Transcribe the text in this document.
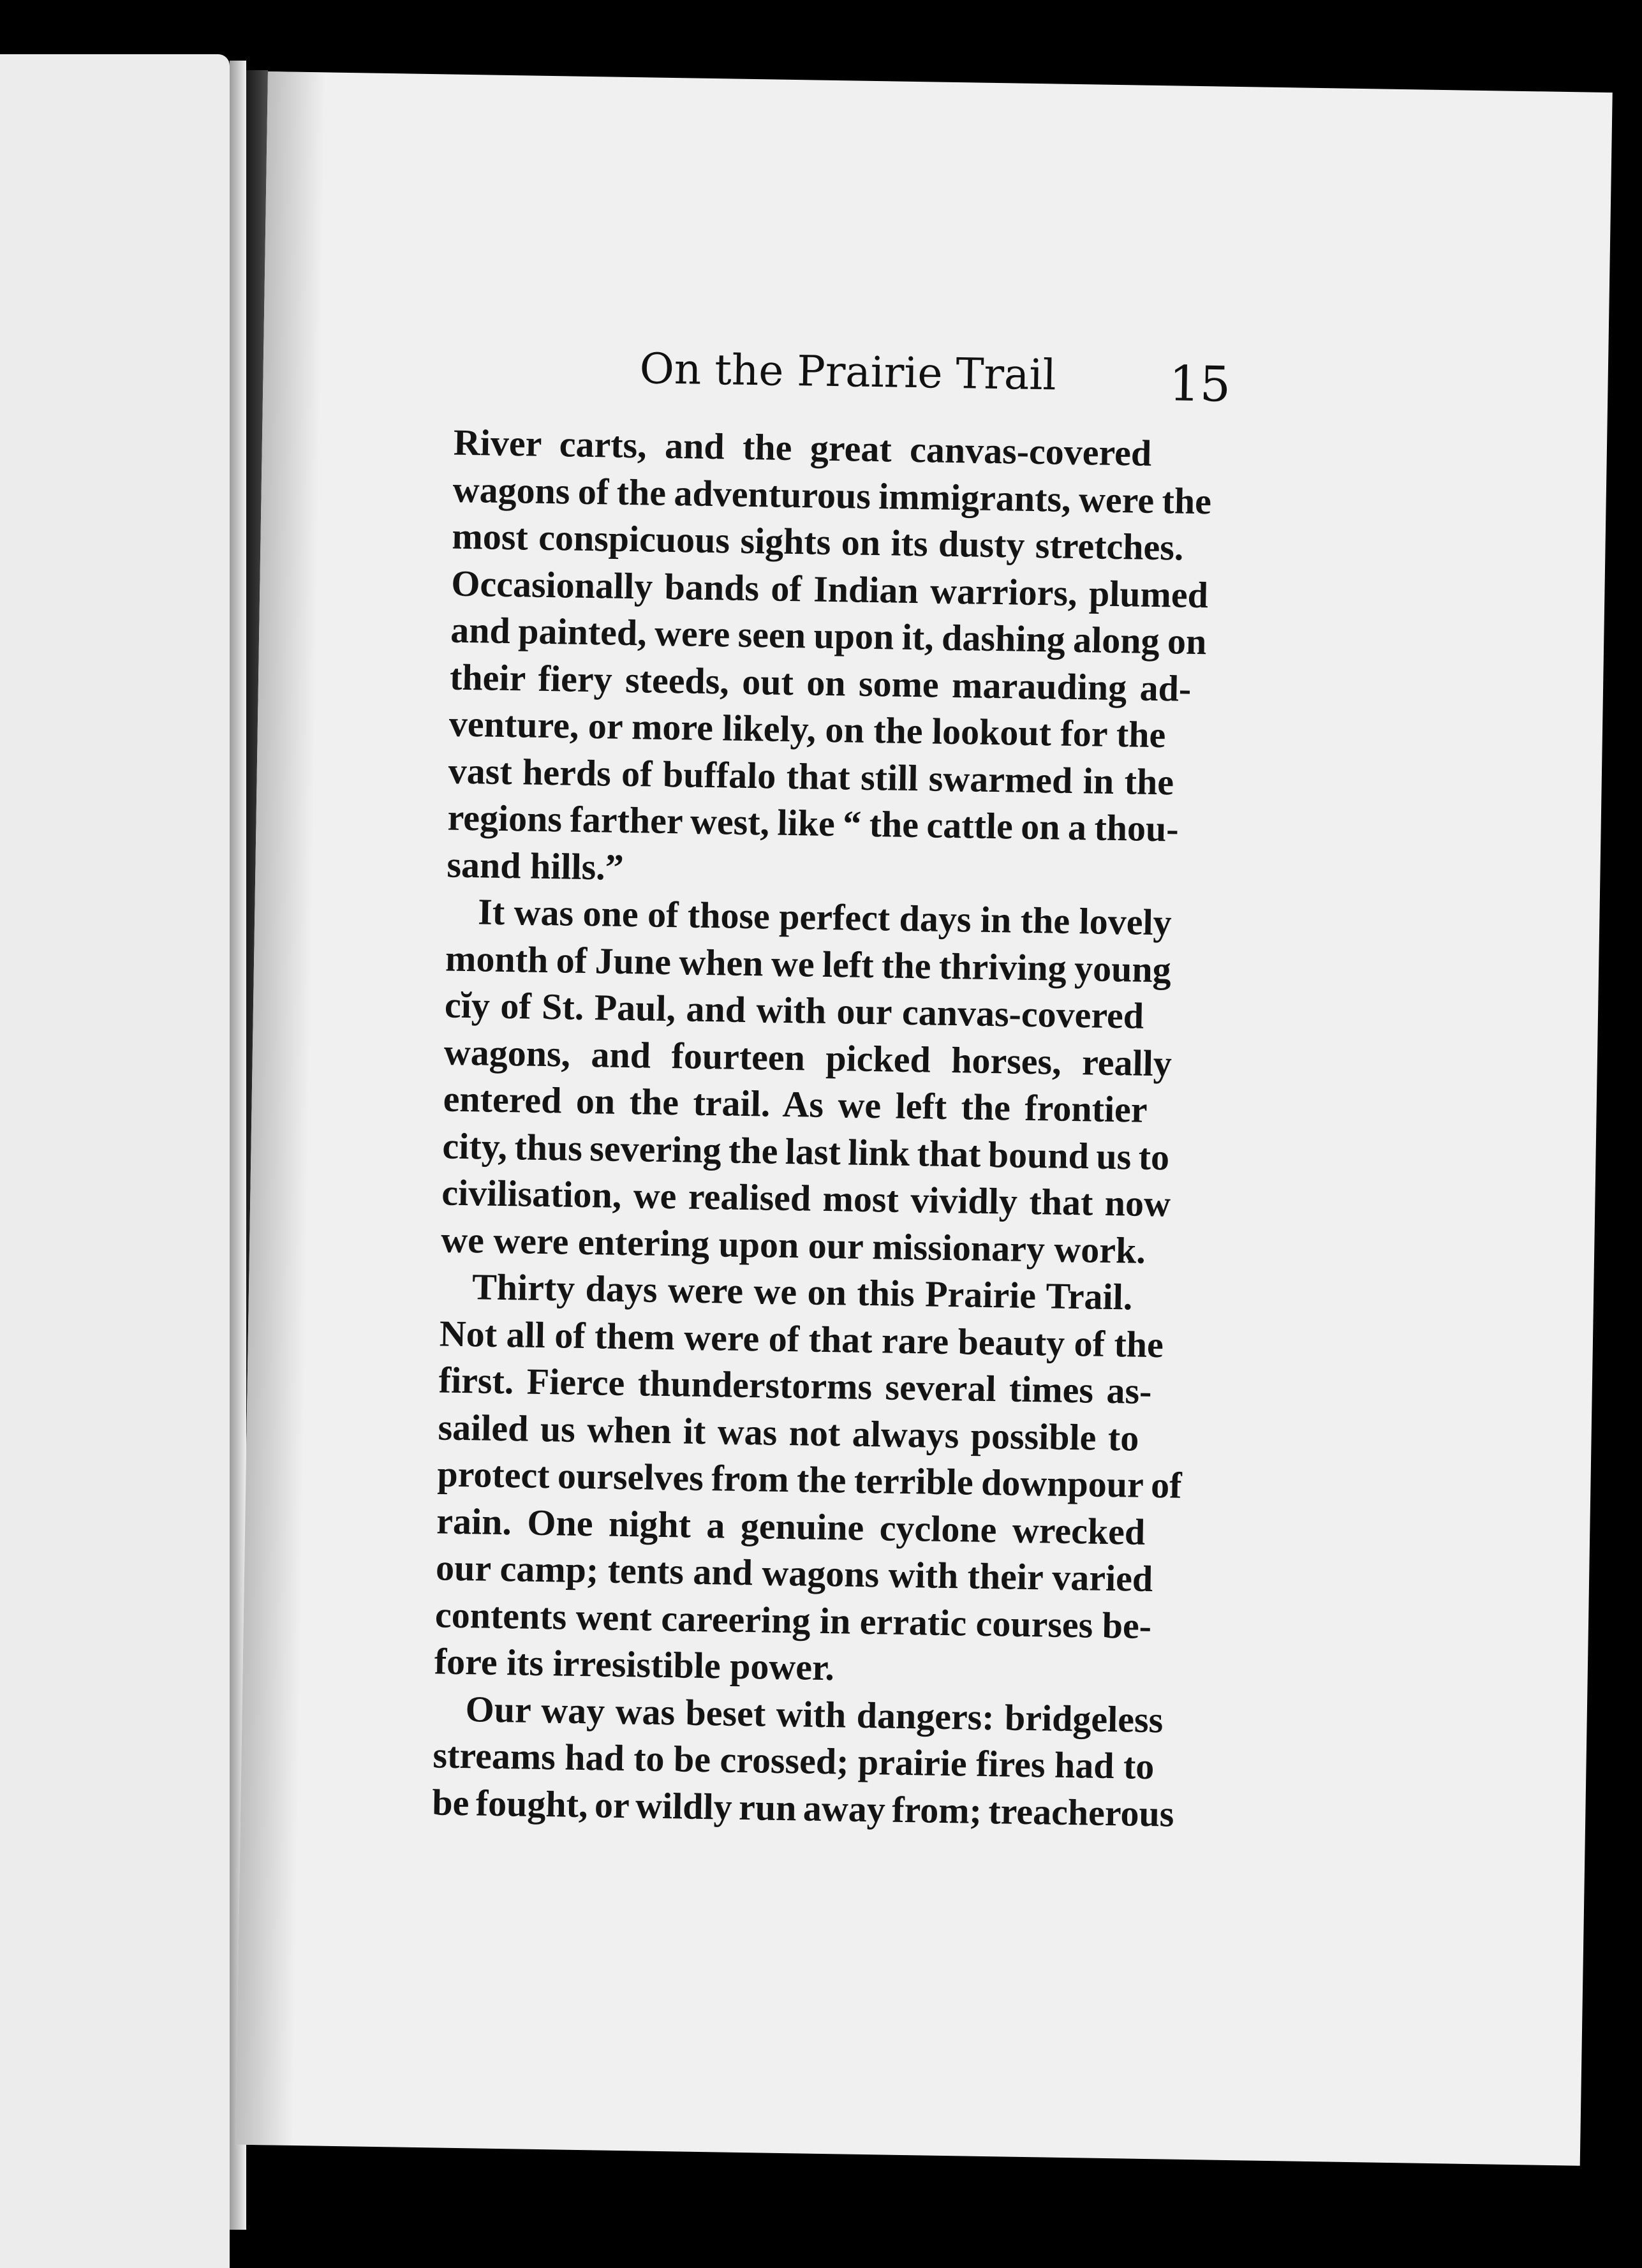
On the Prairie Trail 15
River carts, and the great canvas-covered
wagons of the adventurous immigrants, were the
most conspicuous sights on its dusty stretches.
Occasionally bands of Indian warriors, plumed
and painted, were seen upon it, dashing along on
their fiery steeds, out on some marauding ad-
venture, or more likely, on the lookout for the
vast herds of buffalo that still swarmed in the
regions farther west, like “ the cattle on a thou-
sand hills.”
It was one of those perfect days in the lovely
month of June when we left the thriving young
cĭy of St. Paul, and with our canvas-covered
wagons, and fourteen picked horses, really
entered on the trail. As we left the frontier
city, thus severing the last link that bound us to
civilisation, we realised most vividly that now
we were entering upon our missionary work.
Thirty days were we on this Prairie Trail.
Not all of them were of that rare beauty of the
first. Fierce thunderstorms several times as-
sailed us when it was not always possible to
protect ourselves from the terrible downpour of
rain. One night a genuine cyclone wrecked
our camp; tents and wagons with their varied
contents went careering in erratic courses be-
fore its irresistible power.
Our way was beset with dangers: bridgeless
streams had to be crossed; prairie fires had to
be fought, or wildly run away from; treacherous
